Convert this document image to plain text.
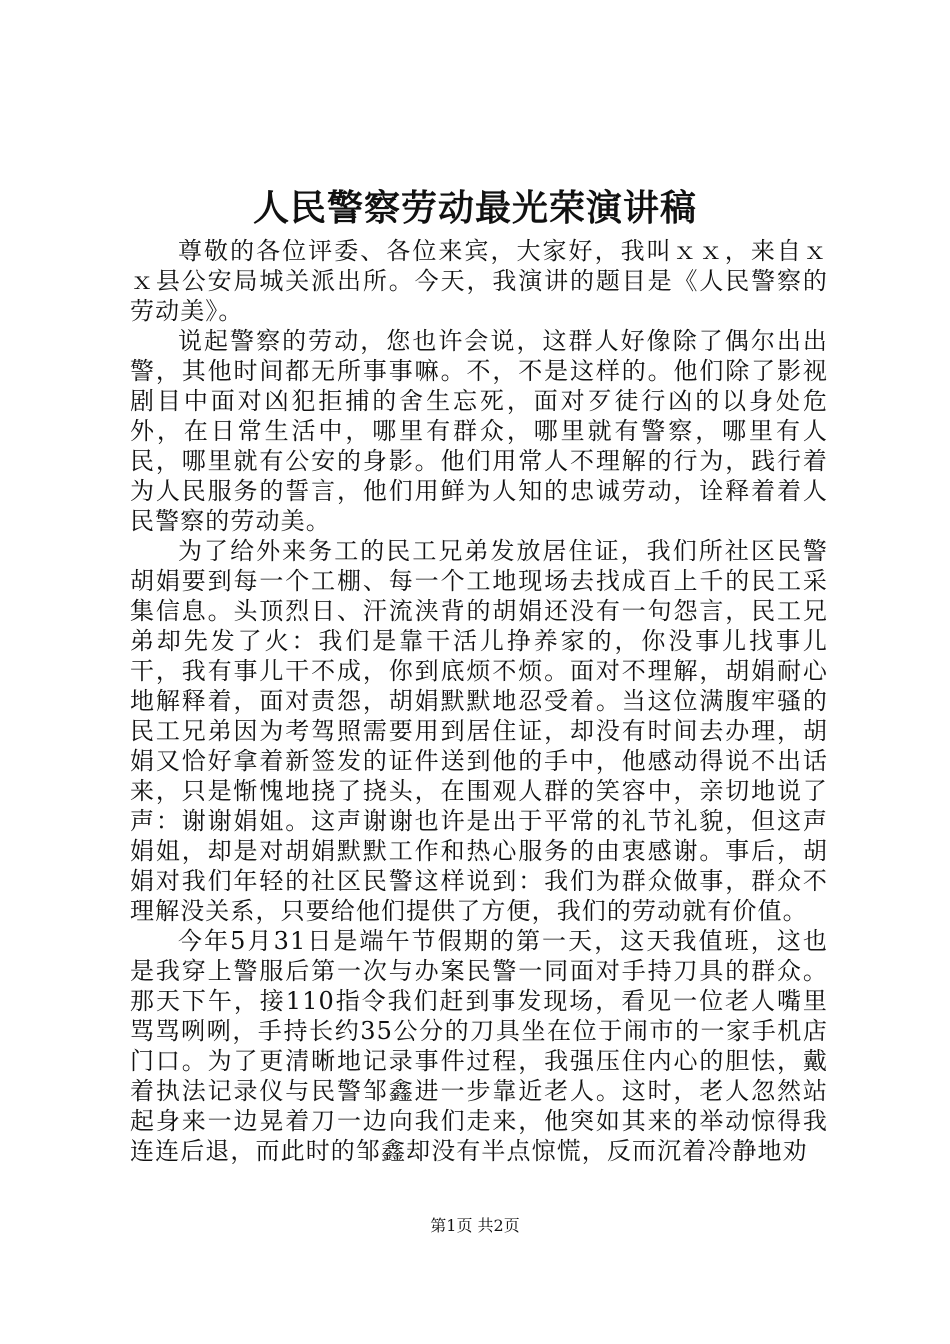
人民警察劳动最光荣演讲稿

尊敬的各位评委、各位来宾，大家好，我叫ｘｘ，来自ｘｘ县公安局城关派出所。今天，我演讲的题目是《人民警察的劳动美》。

说起警察的劳动，您也许会说，这群人好像除了偶尔出出警，其他时间都无所事事嘛。不，不是这样的。他们除了影视剧目中面对凶犯拒捕的舍生忘死，面对歹徒行凶的以身处危外，在日常生活中，哪里有群众，哪里就有警察，哪里有人民，哪里就有公安的身影。他们用常人不理解的行为，践行着为人民服务的誓言，他们用鲜为人知的忠诚劳动，诠释着着人民警察的劳动美。

为了给外来务工的民工兄弟发放居住证，我们所社区民警胡娟要到每一个工棚、每一个工地现场去找成百上千的民工采集信息。头顶烈日、汗流浃背的胡娟还没有一句怨言，民工兄弟却先发了火：我们是靠干活儿挣养家的，你没事儿找事儿干，我有事儿干不成，你到底烦不烦。面对不理解，胡娟耐心地解释着，面对责怨，胡娟默默地忍受着。当这位满腹牢骚的民工兄弟因为考驾照需要用到居住证，却没有时间去办理，胡娟又恰好拿着新签发的证件送到他的手中，他感动得说不出话来，只是惭愧地挠了挠头，在围观人群的笑容中，亲切地说了声：谢谢娟姐。这声谢谢也许是出于平常的礼节礼貌，但这声娟姐，却是对胡娟默默工作和热心服务的由衷感谢。事后，胡娟对我们年轻的社区民警这样说到：我们为群众做事，群众不理解没关系，只要给他们提供了方便，我们的劳动就有价值。

今年5月31日是端午节假期的第一天，这天我值班，这也是我穿上警服后第一次与办案民警一同面对手持刀具的群众。那天下午，接110指令我们赶到事发现场，看见一位老人嘴里骂骂咧咧，手持长约35公分的刀具坐在位于闹市的一家手机店门口。为了更清晰地记录事件过程，我强压住内心的胆怯，戴着执法记录仪与民警邹鑫进一步靠近老人。这时，老人忽然站起身来一边晃着刀一边向我们走来，他突如其来的举动惊得我连连后退，而此时的邹鑫却没有半点惊慌，反而沉着冷静地劝

第1页 共2页
